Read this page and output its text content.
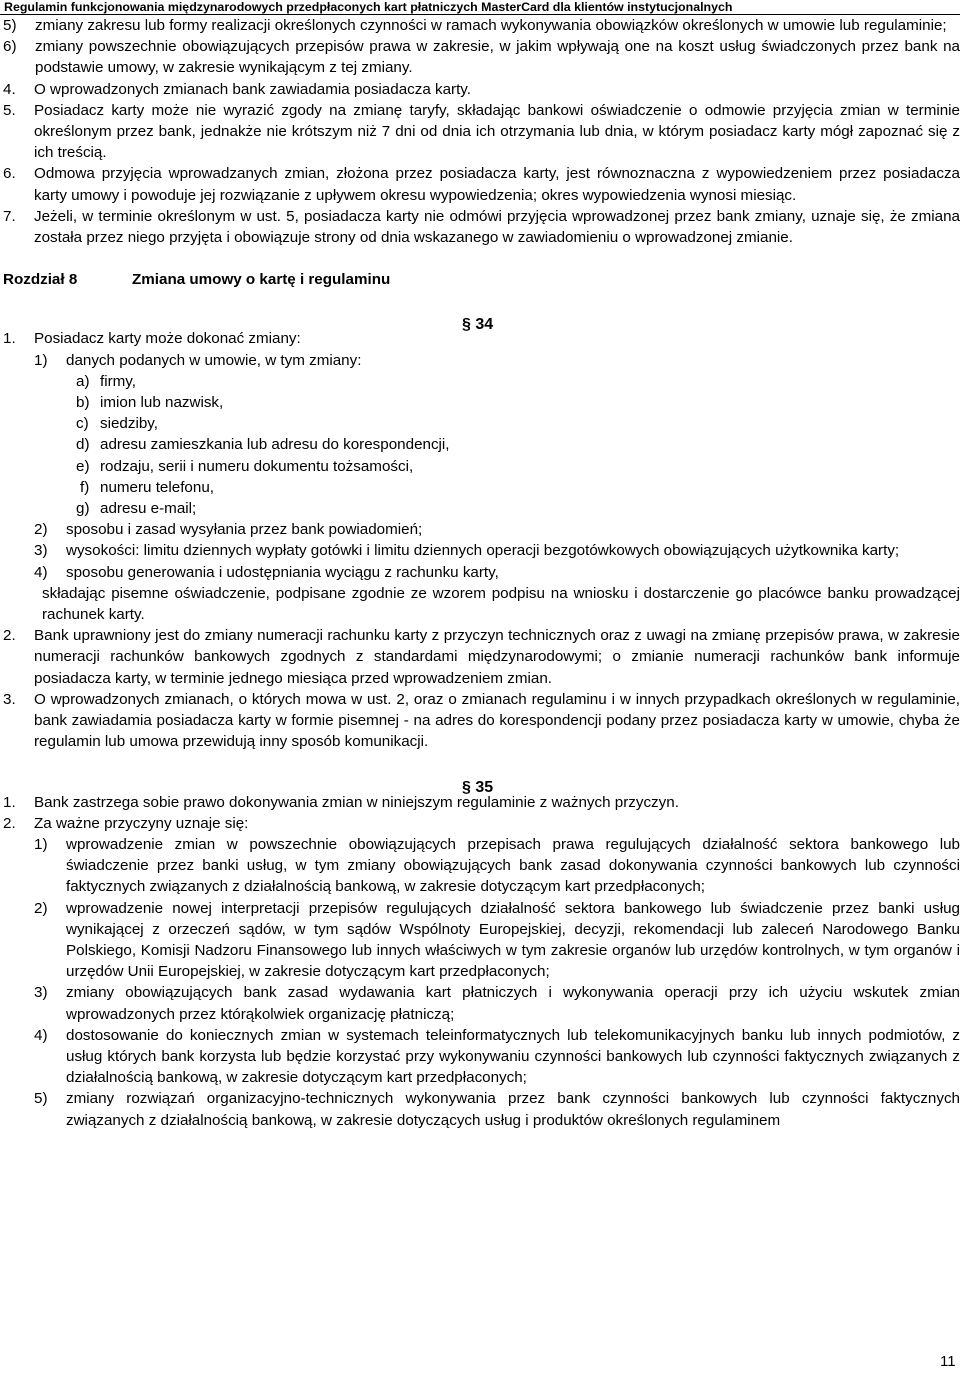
Regulamin funkcjonowania międzynarodowych przedpłaconych kart płatniczych MasterCard dla klientów instytucjonalnych
5)	zmiany zakresu lub formy realizacji określonych czynności w ramach wykonywania obowiązków określonych w umowie lub regulaminie;
6)	zmiany powszechnie obowiązujących przepisów prawa w zakresie, w jakim wpływają one na koszt usług świadczonych przez bank na podstawie umowy, w zakresie wynikającym z tej zmiany.
4.	O wprowadzonych zmianach bank zawiadamia posiadacza karty.
5.	Posiadacz karty może nie wyrazić zgody na zmianę taryfy, składając bankowi oświadczenie o odmowie przyjęcia zmian w terminie określonym przez bank, jednakże nie krótszym niż 7 dni od dnia ich otrzymania lub dnia, w którym posiadacz karty mógł zapoznać się z ich treścią.
6.	Odmowa przyjęcia wprowadzanych zmian, złożona przez posiadacza karty, jest równoznaczna z wypowiedzeniem przez posiadacza karty umowy i powoduje jej rozwiązanie z upływem okresu wypowiedzenia; okres wypowiedzenia wynosi miesiąc.
7.	Jeżeli, w terminie określonym w ust. 5, posiadacza karty nie odmówi przyjęcia wprowadzonej przez bank zmiany, uznaje się, że zmiana została przez niego przyjęta i obowiązuje strony od dnia wskazanego w zawiadomieniu o wprowadzonej zmianie.
Rozdział 8	Zmiana umowy o kartę i regulaminu
§ 34
1.	Posiadacz karty może dokonać zmiany:
1)	danych podanych w umowie, w tym zmiany:
a) firmy,
b) imion lub nazwisk,
c) siedziby,
d) adresu zamieszkania lub adresu do korespondencji,
e) rodzaju, serii i numeru dokumentu tożsamości,
f) numeru telefonu,
g) adresu e-mail;
2)	sposobu i zasad wysyłania przez bank powiadomień;
3)	wysokości: limitu dziennych wypłaty gotówki i limitu dziennych operacji bezgotówkowych obowiązujących użytkownika karty;
4)	sposobu generowania i udostępniania wyciągu z rachunku karty,

składając pisemne oświadczenie, podpisane zgodnie ze wzorem podpisu na wniosku i dostarczenie go placówce banku prowadzącej rachunek karty.

2.	Bank uprawniony jest do zmiany numeracji rachunku karty z przyczyn technicznych oraz z uwagi na zmianę przepisów prawa, w zakresie numeracji rachunków bankowych zgodnych z standardami międzynarodowymi; o zmianie numeracji rachunków bank informuje posiadacza karty, w terminie jednego miesiąca przed wprowadzeniem zmian.
3.	O wprowadzonych zmianach, o których mowa w ust. 2, oraz o zmianach regulaminu i w innych przypadkach określonych w regulaminie, bank zawiadamia posiadacza karty w formie pisemnej - na adres do korespondencji podany przez posiadacza karty w umowie, chyba że regulamin lub umowa przewidują inny sposób komunikacji.
§ 35
1.	Bank zastrzega sobie prawo dokonywania zmian w niniejszym regulaminie z ważnych przyczyn.
2.	Za ważne przyczyny uznaje się:
1)	wprowadzenie zmian w powszechnie obowiązujących przepisach prawa regulujących działalność sektora bankowego lub świadczenie przez banki usług, w tym zmiany obowiązujących bank zasad dokonywania czynności bankowych lub czynności faktycznych związanych z działalnością bankową, w zakresie dotyczącym kart przedpłaconych;
2)	wprowadzenie nowej interpretacji przepisów regulujących działalność sektora bankowego lub świadczenie przez banki usług wynikającej z orzeczeń sądów, w tym sądów Wspólnoty Europejskiej, decyzji, rekomendacji lub zaleceń Narodowego Banku Polskiego, Komisji Nadzoru Finansowego lub innych właściwych w tym zakresie organów lub urzędów kontrolnych, w tym organów i urzędów Unii Europejskiej, w zakresie dotyczącym kart przedpłaconych;
3)	zmiany obowiązujących bank zasad wydawania kart płatniczych i wykonywania operacji przy ich użyciu wskutek zmian wprowadzonych przez którąkolwiek organizację płatniczą;
4)	dostosowanie do koniecznych zmian w systemach teleinformatycznych lub telekomunikacyjnych banku lub innych podmiotów, z usług których bank korzysta lub będzie korzystać przy wykonywaniu czynności bankowych lub czynności faktycznych związanych z działalnością bankową, w zakresie dotyczącym kart przedpłaconych;
5)	zmiany rozwiązań organizacyjno-technicznych wykonywania przez bank czynności bankowych lub czynności faktycznych związanych z działalnością bankową, w zakresie dotyczących usług i produktów określonych regulaminem
11
